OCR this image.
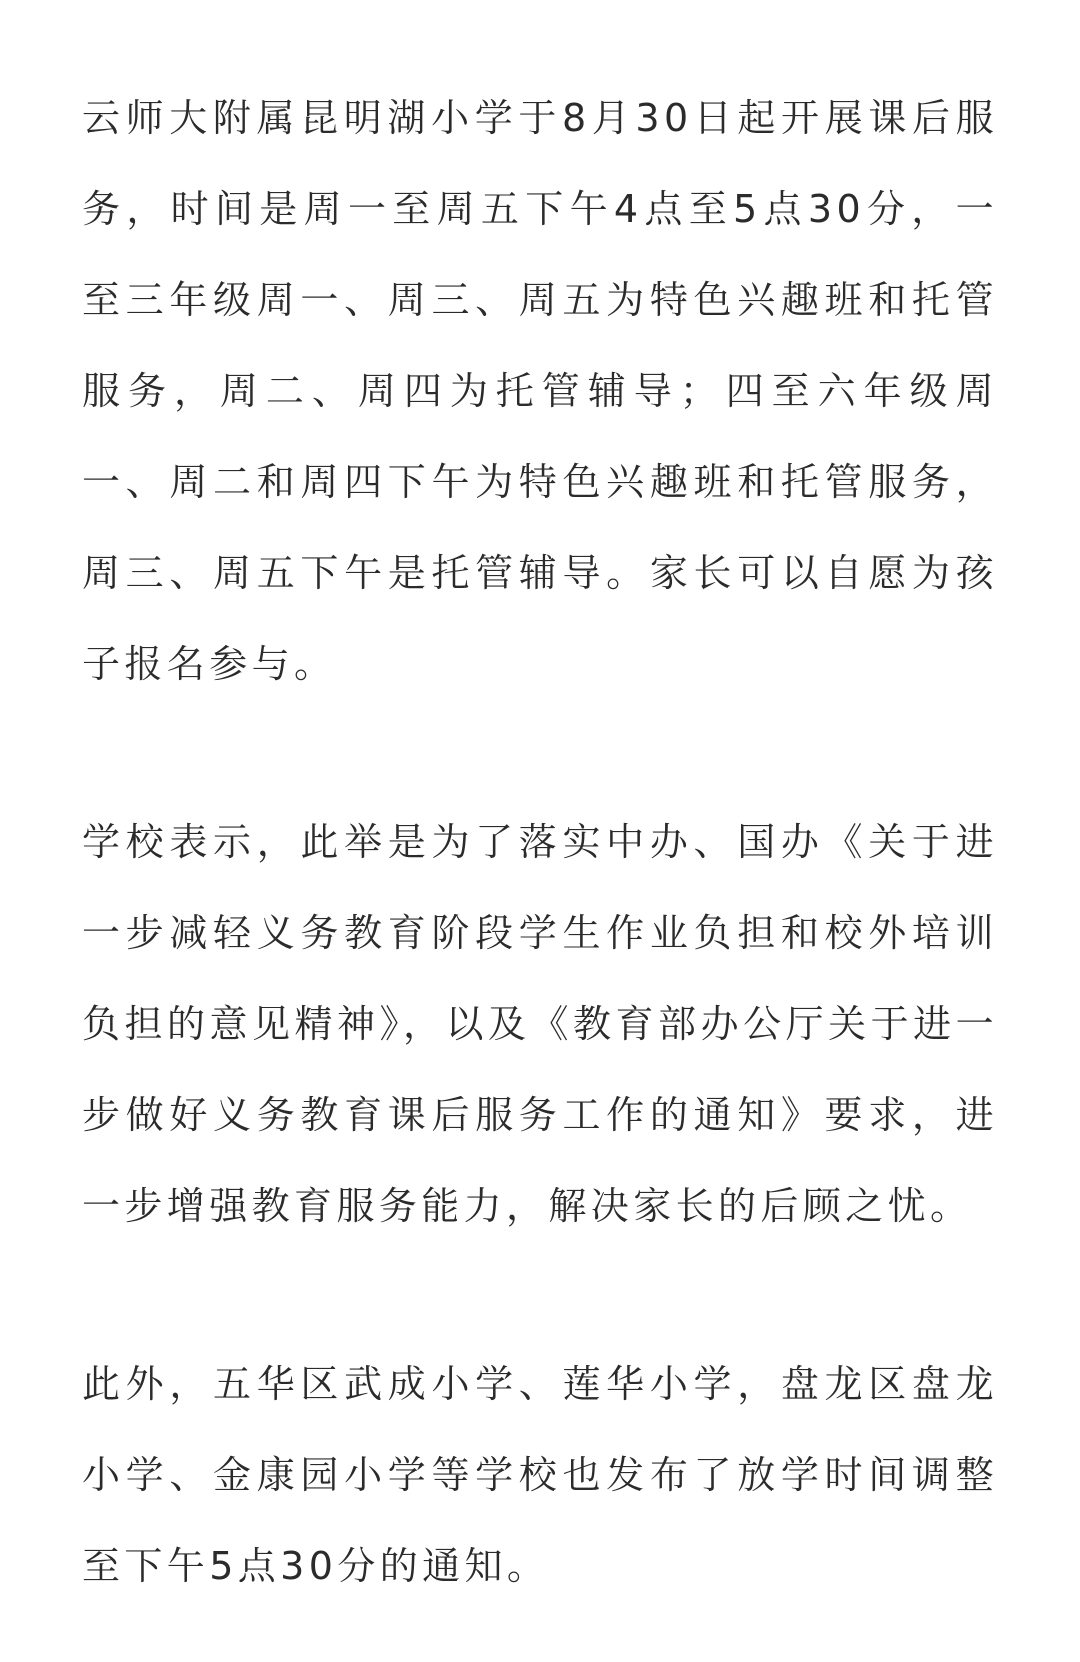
云师大附属昆明湖小学于8月30日起开展课后服务，时间是周一至周五下午4点至5点30分，一至三年级周一、周三、周五为特色兴趣班和托管服务，周二、周四为托管辅导；四至六年级周一、周二和周四下午为特色兴趣班和托管服务，周三、周五下午是托管辅导。家长可以自愿为孩子报名参与。

学校表示，此举是为了落实中办、国办《关于进一步减轻义务教育阶段学生作业负担和校外培训负担的意见精神》，以及《教育部办公厅关于进一步做好义务教育课后服务工作的通知》要求，进一步增强教育服务能力，解决家长的后顾之忧。

此外，五华区武成小学、莲华小学，盘龙区盘龙小学、金康园小学等学校也发布了放学时间调整至下午5点30分的通知。
